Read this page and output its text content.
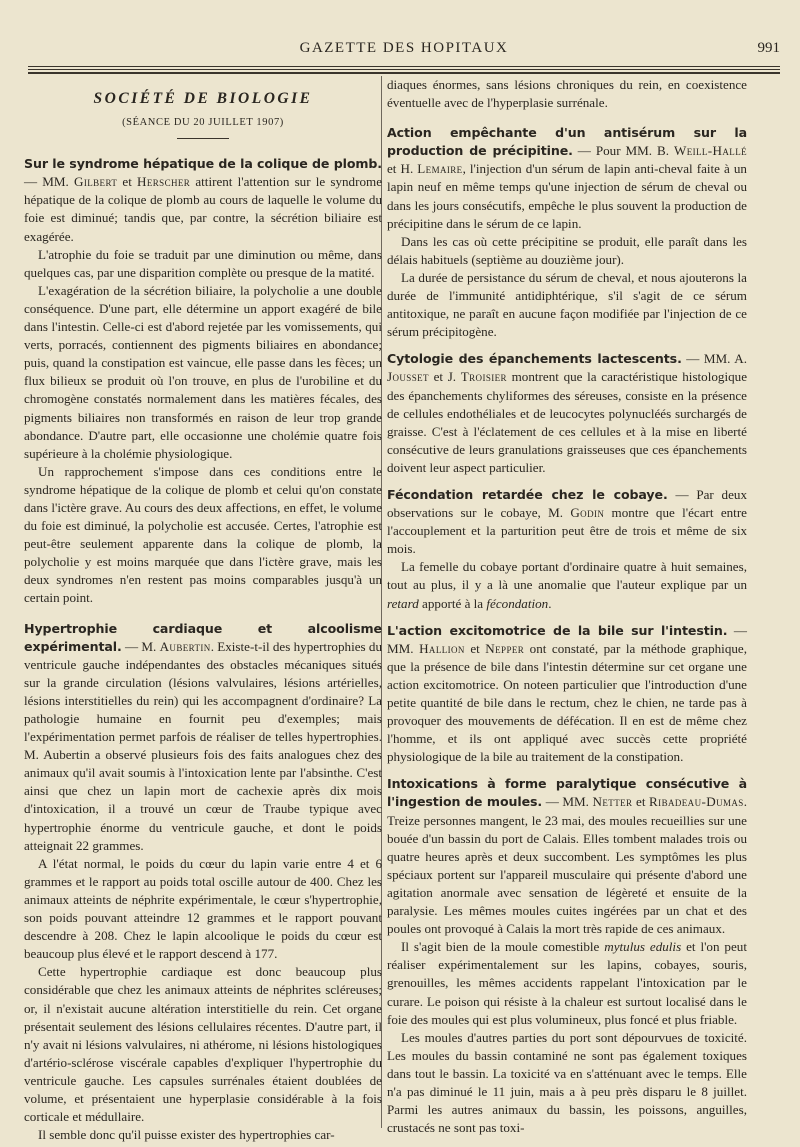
GAZETTE DES HOPITAUX	991
SOCIÉTÉ DE BIOLOGIE
(SÉANCE DU 20 JUILLET 1907)

Sur le syndrome hépatique de la colique de plomb. — MM. Gilbert et Herscher attirent l'attention sur le syndrome hépatique de la colique de plomb au cours de laquelle le volume du foie est diminué; tandis que, par contre, la sécrétion biliaire est exagérée.

L'atrophie du foie se traduit par une diminution ou même, dans quelques cas, par une disparition complète ou presque de la matité.

L'exagération de la sécrétion biliaire, la polycholie a une double conséquence. D'une part, elle détermine un apport exagéré de bile dans l'intestin. Celle-ci est d'abord rejetée par les vomissements, qui verts, porracés, contiennent des pigments biliaires en abondance; puis, quand la constipation est vaincue, elle passe dans les fèces; un flux bilieux se produit où l'on trouve, en plus de l'urobiline et du chromogène constatés normalement dans les matières fécales, des pigments biliaires non transformés en raison de leur trop grande abondance. D'autre part, elle occasionne une cholémie quatre fois supérieure à la cholémie physiologique.

Un rapprochement s'impose dans ces conditions entre le syndrome hépatique de la colique de plomb et celui qu'on constate dans l'ictère grave. Au cours des deux affections, en effet, le volume du foie est diminué, la polycholie est accusée. Certes, l'atrophie est peut-être seulement apparente dans la colique de plomb, la polycholie y est moins marquée que dans l'ictère grave, mais les deux syndromes n'en restent pas moins comparables jusqu'à un certain point.

Hypertrophie cardiaque et alcoolisme expérimental. — M. Aubertin. Existe-t-il des hypertrophies du ventricule gauche indépendantes des obstacles mécaniques situés sur la grande circulation (lésions valvulaires, lésions artérielles, lésions interstitielles du rein) qui les accompagnent d'ordinaire? La pathologie humaine en fournit peu d'exemples; mais l'expérimentation permet parfois de réaliser de telles hypertrophies. M. Aubertin a observé plusieurs fois des faits analogues chez des animaux qu'il avait soumis à l'intoxication lente par l'absinthe. C'est ainsi que chez un lapin mort de cachexie après dix mois d'intoxication, il a trouvé un cœur de Traube typique avec hypertrophie énorme du ventricule gauche, et dont le poids atteignait 22 grammes.

A l'état normal, le poids du cœur du lapin varie entre 4 et 6 grammes et le rapport au poids total oscille autour de 400. Chez les animaux atteints de néphrite expérimentale, le cœur s'hypertrophie, son poids pouvant atteindre 12 grammes et le rapport pouvant descendre à 208. Chez le lapin alcoolique le poids du cœur est beaucoup plus élevé et le rapport descend à 177.

Cette hypertrophie cardiaque est donc beaucoup plus considérable que chez les animaux atteints de néphrites scléreuses; or, il n'existait aucune altération interstitielle du rein. Cet organe présentait seulement des lésions cellulaires récentes. D'autre part, il n'y avait ni lésions valvulaires, ni athérome, ni lésions histologiques d'artério-sclérose viscérale capables d'expliquer l'hypertrophie du ventricule gauche. Les capsules surrénales étaient doublées de volume, et présentaient une hyperplasie considérable à la fois corticale et médullaire.

Il semble donc qu'il puisse exister des hypertrophies car-

diaques énormes, sans lésions chroniques du rein, en coexistence éventuelle avec de l'hyperplasie surrénale.

Action empêchante d'un antisérum sur la production de précipitine. — Pour MM. B. Weill-Hallé et H. Lemaire, l'injection d'un sérum de lapin anti-cheval faite à un lapin neuf en même temps qu'une injection de sérum de cheval ou dans les jours consécutifs, empêche le plus souvent la production de précipitine dans le sérum de ce lapin.

Dans les cas où cette précipitine se produit, elle paraît dans les délais habituels (septième au douzième jour).

La durée de persistance du sérum de cheval, et nous ajouterons la durée de l'immunité antidiphtérique, s'il s'agit de ce sérum antitoxique, ne paraît en aucune façon modifiée par l'injection de ce sérum précipitogène.

Cytologie des épanchements lactescents. — MM. A. Jousset et J. Troisier montrent que la caractéristique histologique des épanchements chyliformes des séreuses, consiste en la présence de cellules endothéliales et de leucocytes polynucléés surchargés de graisse. C'est à l'éclatement de ces cellules et à la mise en liberté consécutive de leurs granulations graisseuses que ces épanchements doivent leur aspect particulier.

Fécondation retardée chez le cobaye. — Par deux observations sur le cobaye, M. Godin montre que l'écart entre l'accouplement et la parturition peut être de trois et même de six mois.

La femelle du cobaye portant d'ordinaire quatre à huit semaines, tout au plus, il y a là une anomalie que l'auteur explique par un retard apporté à la fécondation.

L'action excitomotrice de la bile sur l'intestin. — MM. Hallion et Nepper ont constaté, par la méthode graphique, que la présence de bile dans l'intestin détermine sur cet organe une action excitomotrice. On noteen particulier que l'introduction d'une petite quantité de bile dans le rectum, chez le chien, ne tarde pas à provoquer des mouvements de défécation. Il en est de même chez l'homme, et ils ont appliqué avec succès cette propriété physiologique de la bile au traitement de la constipation.

Intoxications à forme paralytique consécutive à l'ingestion de moules. — MM. Netter et Ribadeau-Dumas. Treize personnes mangent, le 23 mai, des moules recueillies sur une bouée d'un bassin du port de Calais. Elles tombent malades trois ou quatre heures après et deux succombent. Les symptômes les plus spéciaux portent sur l'appareil musculaire qui présente d'abord une agitation anormale avec sensation de légèreté et ensuite de la paralysie. Les mêmes moules cuites ingérées par un chat et des poules ont provoqué à Calais la mort très rapide de ces animaux.

Il s'agit bien de la moule comestible mytulus edulis et l'on peut réaliser expérimentalement sur les lapins, cobayes, souris, grenouilles, les mêmes accidents rappelant l'intoxication par le curare. Le poison qui résiste à la chaleur est surtout localisé dans le foie des moules qui est plus volumineux, plus foncé et plus friable.

Les moules d'autres parties du port sont dépourvues de toxicité. Les moules du bassin contaminé ne sont pas également toxiques dans tout le bassin. La toxicité va en s'atténuant avec le temps. Elle n'a pas diminué le 11 juin, mais a à peu près disparu le 8 juillet. Parmi les autres animaux du bassin, les poissons, anguilles, crustacés ne sont pas toxi-
